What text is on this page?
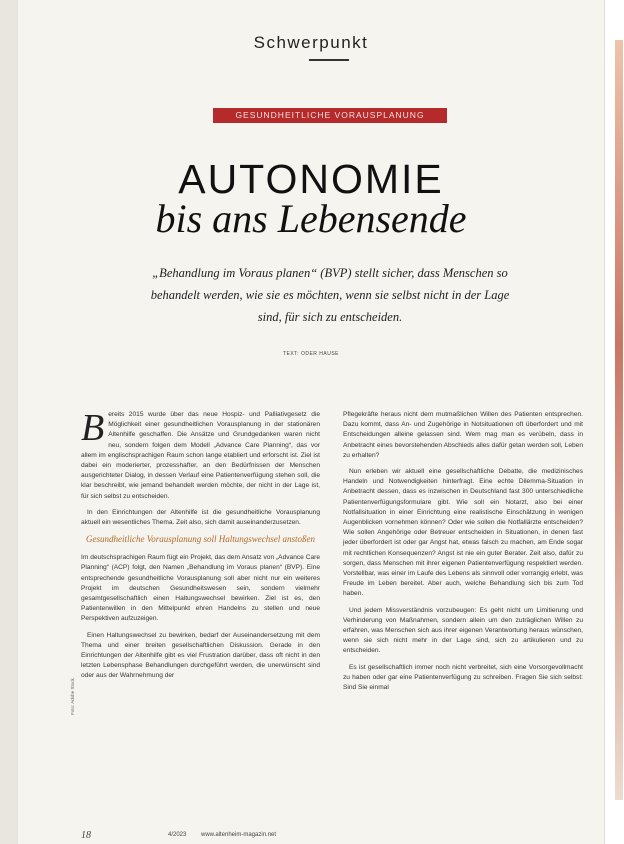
Schwerpunkt
GESUNDHEITLICHE VORAUSPLANUNG
AUTONOMIE
bis ans Lebensende
„Behandlung im Voraus planen“ (BVP) stellt sicher, dass Menschen so behandelt werden, wie sie es möchten, wenn sie selbst nicht in der Lage sind, für sich zu entscheiden.
TEXT: ODER HAUSE

Bereits 2015 wurde über das neue Hospiz- und Palliativgesetz die Möglichkeit einer gesundheitlichen Vorausplanung in der stationären Altenhilfe geschaffen. Die Ansätze und Grundgedanken waren nicht neu, sondern folgen dem Modell „Advance Care Planning“, das vor allem im englischsprachigen Raum schon lange etabliert und erforscht ist. Ziel ist dabei ein moderierter, prozesshafter, an den Bedürfnissen der Menschen ausgerichteter Dialog, in dessen Verlauf eine Patientenverfügung stehen soll, die klar beschreibt, wie jemand behandelt werden möchte, der nicht in der Lage ist, für sich selbst zu entscheiden.

In den Einrichtungen der Altenhilfe ist die gesundheitliche Vorausplanung aktuell ein wesentliches Thema. Zeit also, sich damit auseinanderzusetzen.

Gesundheitliche Vorausplanung soll Haltungswechsel anstoßen

Im deutschsprachigen Raum fügt ein Projekt, das dem Ansatz von „Advance Care Planning“ (ACP) folgt, den Namen „Behandlung im Voraus planen“ (BVP). Eine entsprechende gesundheitliche Vorausplanung soll aber nicht nur ein weiteres Projekt im deutschen Gesundheitswesen sein, sondern vielmehr gesamtgesellschaftlich einen Haltungswechsel bewirken. Ziel ist es, den Patientenwillen in den Mittelpunkt ehren Handelns zu stellen und neue Perspektiven aufzuzeigen.

Einen Haltungswechsel zu bewirken, bedarf der Auseinandersetzung mit dem Thema und einer breiten gesellschaftlichen Diskussion. Gerade in den Einrichtungen der Altenhilfe gibt es viel Frustration darüber, dass oft nicht in den letzten Lebensphase Behandlungen durchgeführt werden, die unerwünscht sind oder aus der Wahrnehmung der

Pflegekräfte heraus nicht dem mutmaßlichen Willen des Patienten entsprechen. Dazu kommt, dass An- und Zugehörige in Notsituationen oft überfordert und mit Entscheidungen alleine gelassen sind. Wem mag man es verübeln, dass in Anbetracht eines bevorstehenden Abschieds alles dafür getan werden soll, Leben zu erhalten?

Nun erleben wir aktuell eine gesellschaftliche Debatte, die medizinisches Handeln und Notwendigkeiten hinterfragt. Eine echte Dilemma-Situation in Anbetracht dessen, dass es inzwischen in Deutschland fast 300 unterschiedliche Patientenverfügungsformulare gibt. Wie soll ein Notarzt, also bei einer Notfallsituation in einer Einrichtung eine realistische Einschätzung in wenigen Augenblicken vornehmen können? Oder wie sollen die Notfallärzte entscheiden? Wie sollen Angehörige oder Betreuer entscheiden in Situationen, in denen fast jeder überfordert ist oder gar Angst hat, etwas falsch zu machen, am Ende sogar mit rechtlichen Konsequenzen? Angst ist nie ein guter Berater. Zeit also, dafür zu sorgen, dass Menschen mit ihrer eigenen Patientenverfügung respektiert werden. Vorstellbar, was einer im Laufe des Lebens als sinnvoll oder vorrangig erlebt, was Freude im Leben bereitet. Aber auch, welche Behandlung sich bis zum Tod haben.

Und jedem Missverständnis vorzubeugen: Es geht nicht um Limitierung und Verhinderung von Maßnahmen, sondern allein um den zuträglichen Willen zu erfahren, was Menschen sich aus ihrer eigenen Verantwortung heraus wünschen, wenn sie sich nicht mehr in der Lage sind, sich zu artikulieren und zu entscheiden.

Es ist gesellschaftlich immer noch nicht verbreitet, sich eine Vorsorgevollmacht zu haben oder gar eine Patientenverfügung zu schreiben. Fragen Sie sich selbst: Sind Sie einmal

Foto: Adobe Stock
18	4/2023 www.altenheim-magazin.net
